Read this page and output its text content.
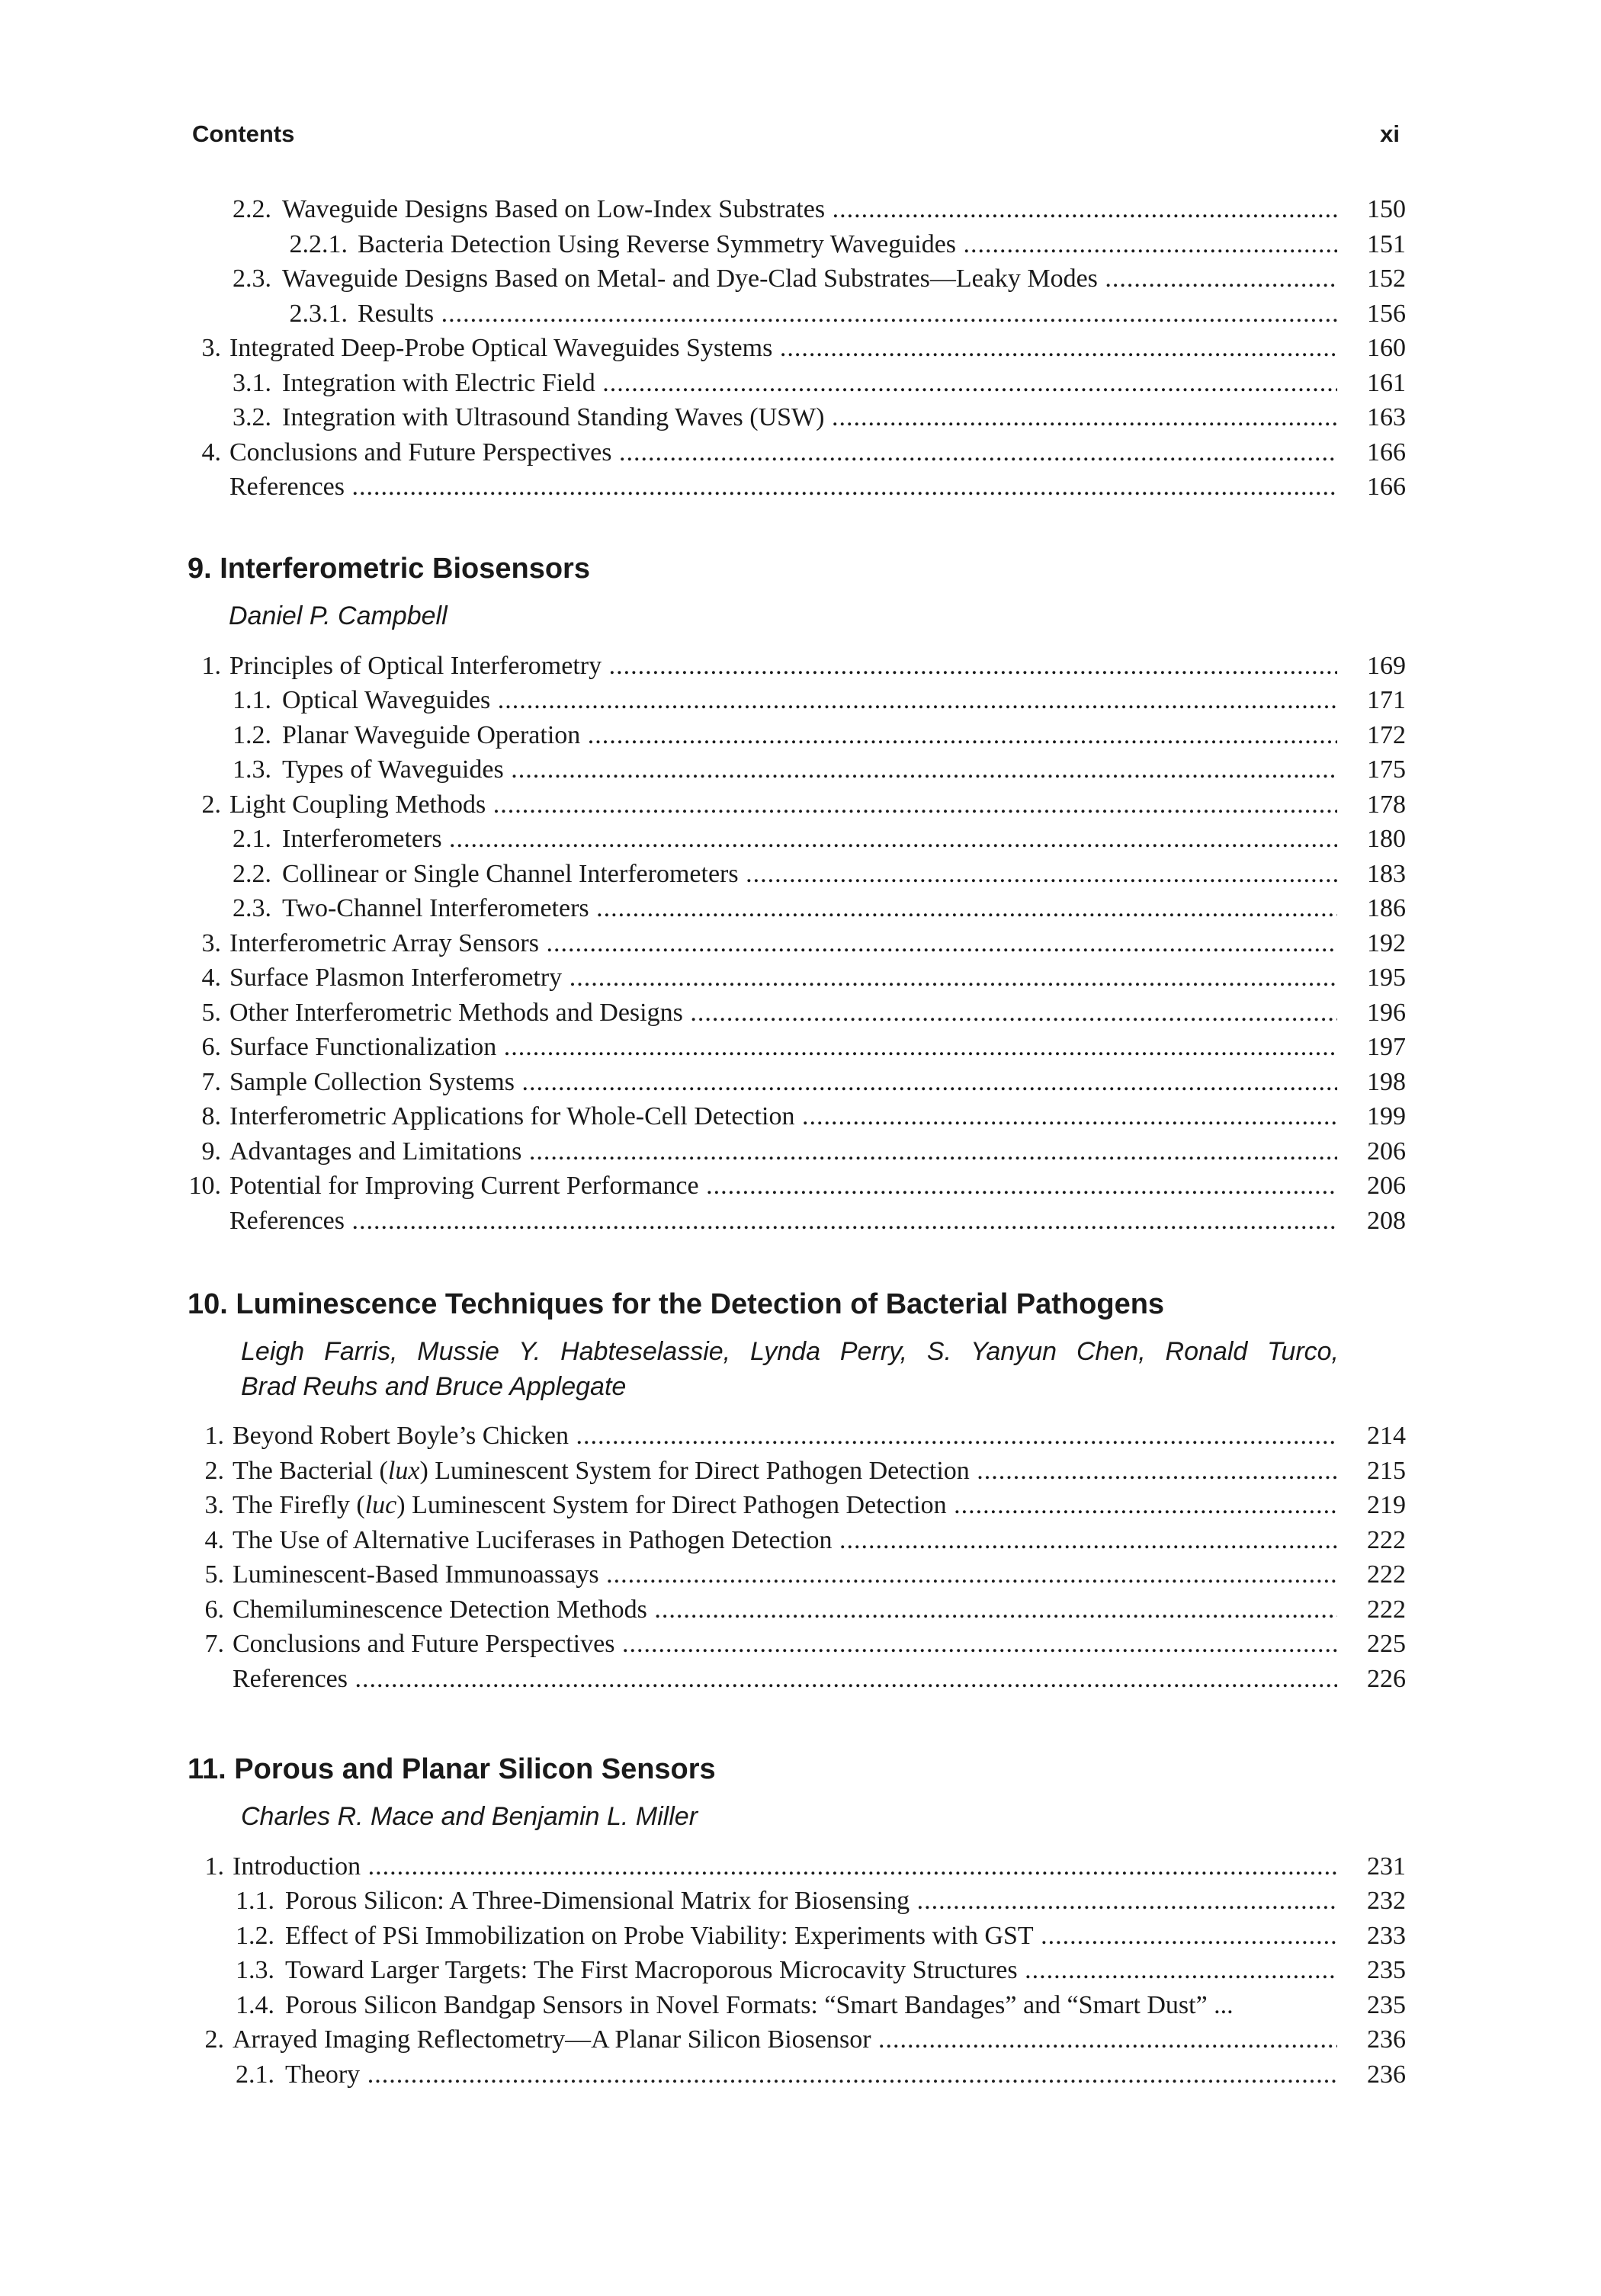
Contents	xi
2.2. Waveguide Designs Based on Low-Index Substrates .....	150
2.2.1. Bacteria Detection Using Reverse Symmetry Waveguides .....	151
2.3. Waveguide Designs Based on Metal- and Dye-Clad Substrates—Leaky Modes .....	152
2.3.1. Results .....	156
3. Integrated Deep-Probe Optical Waveguides Systems .....	160
3.1. Integration with Electric Field .....	161
3.2. Integration with Ultrasound Standing Waves (USW) .....	163
4. Conclusions and Future Perspectives .....	166
References .....	166
9. Interferometric Biosensors
Daniel P. Campbell
1. Principles of Optical Interferometry .....	169
1.1. Optical Waveguides .....	171
1.2. Planar Waveguide Operation .....	172
1.3. Types of Waveguides .....	175
2. Light Coupling Methods .....	178
2.1. Interferometers .....	180
2.2. Collinear or Single Channel Interferometers .....	183
2.3. Two-Channel Interferometers .....	186
3. Interferometric Array Sensors .....	192
4. Surface Plasmon Interferometry .....	195
5. Other Interferometric Methods and Designs .....	196
6. Surface Functionalization .....	197
7. Sample Collection Systems .....	198
8. Interferometric Applications for Whole-Cell Detection .....	199
9. Advantages and Limitations .....	206
10. Potential for Improving Current Performance .....	206
References .....	208
10. Luminescence Techniques for the Detection of Bacterial Pathogens
Leigh Farris, Mussie Y. Habteselassie, Lynda Perry, S. Yanyun Chen, Ronald Turco,
Brad Reuhs and Bruce Applegate
1. Beyond Robert Boyle’s Chicken .....	214
2. The Bacterial (lux) Luminescent System for Direct Pathogen Detection .....	215
3. The Firefly (luc) Luminescent System for Direct Pathogen Detection .....	219
4. The Use of Alternative Luciferases in Pathogen Detection .....	222
5. Luminescent-Based Immunoassays .....	222
6. Chemiluminescence Detection Methods .....	222
7. Conclusions and Future Perspectives .....	225
References .....	226
11. Porous and Planar Silicon Sensors
Charles R. Mace and Benjamin L. Miller
1. Introduction .....	231
1.1. Porous Silicon: A Three-Dimensional Matrix for Biosensing .....	232
1.2. Effect of PSi Immobilization on Probe Viability: Experiments with GST .....	233
1.3. Toward Larger Targets: The First Macroporous Microcavity Structures .....	235
1.4. Porous Silicon Bandgap Sensors in Novel Formats: “Smart Bandages” and “Smart Dust” ...	235
2. Arrayed Imaging Reflectometry—A Planar Silicon Biosensor .....	236
2.1. Theory .....	236
